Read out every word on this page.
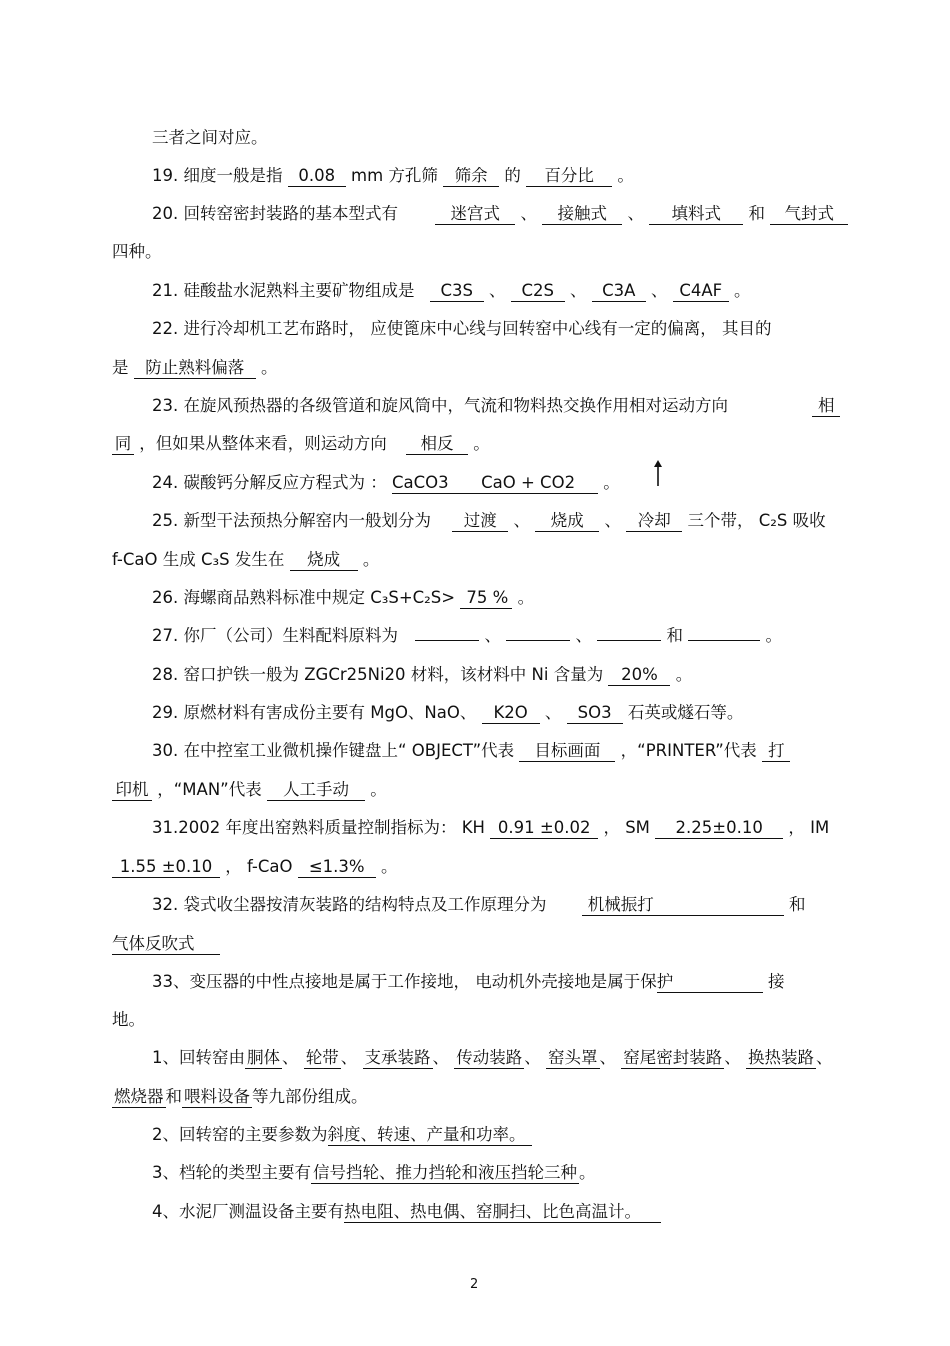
三者之间对应。
19. 细度一般是指 0.08 mm 方孔筛 筛余 的 百分比 。
20. 回转窑密封装路的基本型式有	迷宫式 、 接触式 、 填料式 和 气封式
四种。
21. 硅酸盐水泥熟料主要矿物组成是 C3S 、 C2S 、 C3A 、 C4AF 。
22. 进行冷却机工艺布路时， 应使篦床中心线与回转窑中心线有一定的偏离， 其目的
是 防止熟料偏落 。
23. 在旋风预热器的各级管道和旋风筒中，气流和物料热交换作用相对运动方向	相
同 ，但如果从整体来看，则运动方向 相反 。
24. 碳酸钙分解反应方程式为 ： CaCO3 CaO + CO2 。
25. 新型干法预热分解窑内一般划分为 过渡 、 烧成 、 冷却 三个带， C₂S 吸收
f-CaO 生成 C₃S 发生在 烧成 。
26. 海螺商品熟料标准中规定 C₃S+C₂S> 75 % 。
27. 你厂（公司）生料配料原料为	、	、	和	。
28. 窑口护铁一般为 ZGCr25Ni20 材料，该材料中 Ni 含量为 20% 。
29. 原燃材料有害成份主要有 MgO、NaO、 K2O 、 SO3 石英或燧石等。
30. 在中控室工业微机操作键盘上“ OBJECT”代表 目标画面 ，“PRINTER”代表 打
印机 ，“MAN”代表 人工手动 。
31.2002 年度出窑熟料质量控制指标为： KH 0.91 ±0.02 ， SM 2.25±0.10 ， IM
1.55 ±0.10 ， f-CaO ≤1.3% 。
32. 袋式收尘器按清灰装路的结构特点及工作原理分为	机械振打	和
气体反吹式
33、变压器的中性点接地是属于工作接地， 电动机外壳接地是属于保护	接
地。
1、回转窑由 胴体 、 轮带 、 支承装路 、 传动装路 、 窑头罩 、 窑尾密封装路 、 换热装路 、
燃烧器 和 喂料设备 等九部份组成。
2、回转窑的主要参数为斜度、转速、产量和功率。
3、档轮的类型主要有 信号挡轮、推力挡轮和液压挡轮三种 。
4、水泥厂测温设备主要有热电阻、热电偶、窑胴扫、比色高温计。
2
